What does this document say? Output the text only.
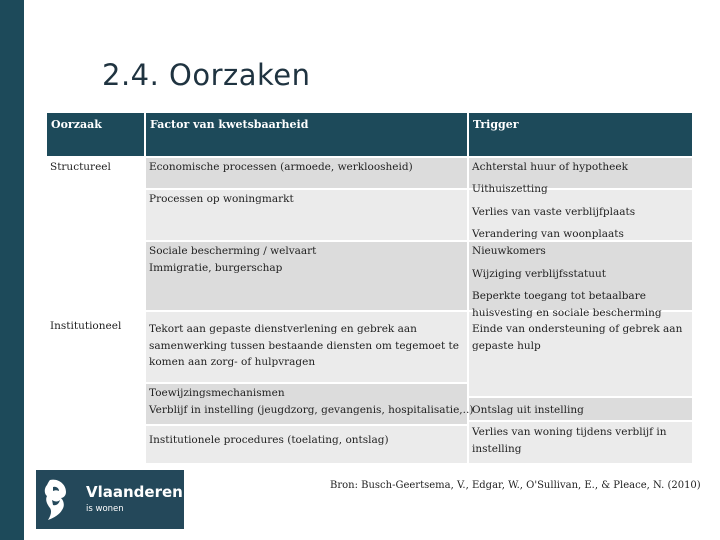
2.4. Oorzaken
Oorzaak	Factor van kwetsbaarheid	Trigger
Structureel
Institutioneel
Economische processen (armoede, werkloosheid)
Processen op woningmarkt
Sociale bescherming / welvaart
Immigratie, burgerschap
Tekort aan gepaste dienstverlening en gebrek aan
samenwerking tussen bestaande diensten om tegemoet te
komen aan zorg- of hulpvragen
Toewijzingsmechanismen
Verblijf in instelling (jeugdzorg, gevangenis, hospitalisatie,..)
Institutionele procedures (toelating, ontslag)
Achterstal huur of hypotheek
Uithuiszetting
Verlies van vaste verblijfplaats
Verandering van woonplaats
Nieuwkomers
Wijziging verblijfsstatuut
Beperkte toegang tot betaalbare
huisvesting en sociale bescherming
Einde van ondersteuning of gebrek aan
gepaste hulp
Ontslag uit instelling
Verlies van woning tijdens verblijf in
instelling
Vlaanderen
is wonen
Bron: Busch-Geertsema, V., Edgar, W., O'Sullivan, E., & Pleace, N. (2010)
